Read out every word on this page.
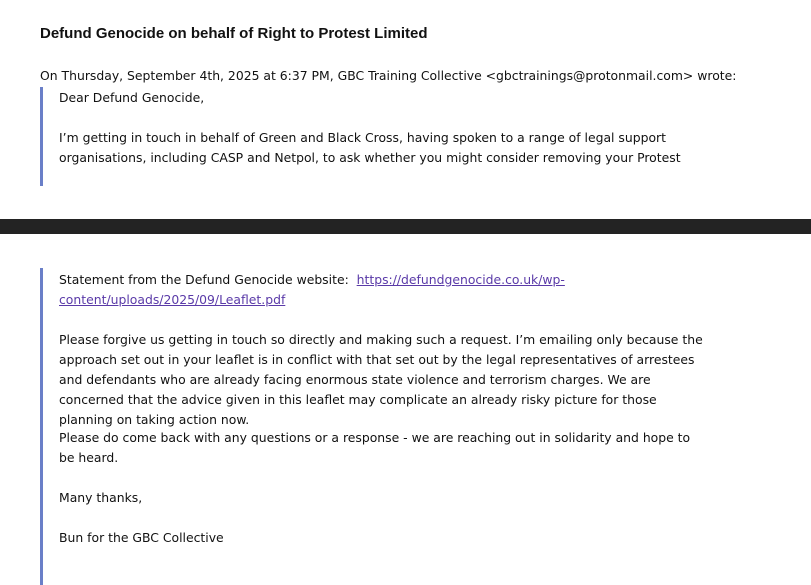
Defund Genocide on behalf of Right to Protest Limited
On Thursday, September 4th, 2025 at 6:37 PM, GBC Training Collective <gbctrainings@protonmail.com> wrote:

Dear Defund Genocide,

I’m getting in touch in behalf of Green and Black Cross, having spoken to a range of legal support organisations, including CASP and Netpol, to ask whether you might consider removing your Protest

Statement from the Defund Genocide website: https://defundgenocide.co.uk/wp-content/uploads/2025/09/Leaflet.pdf

Please forgive us getting in touch so directly and making such a request. I’m emailing only because the approach set out in your leaflet is in conflict with that set out by the legal representatives of arrestees and defendants who are already facing enormous state violence and terrorism charges. We are concerned that the advice given in this leaflet may complicate an already risky picture for those planning on taking action now.

Please do come back with any questions or a response - we are reaching out in solidarity and hope to be heard.

Many thanks,

Bun for the GBC Collective
